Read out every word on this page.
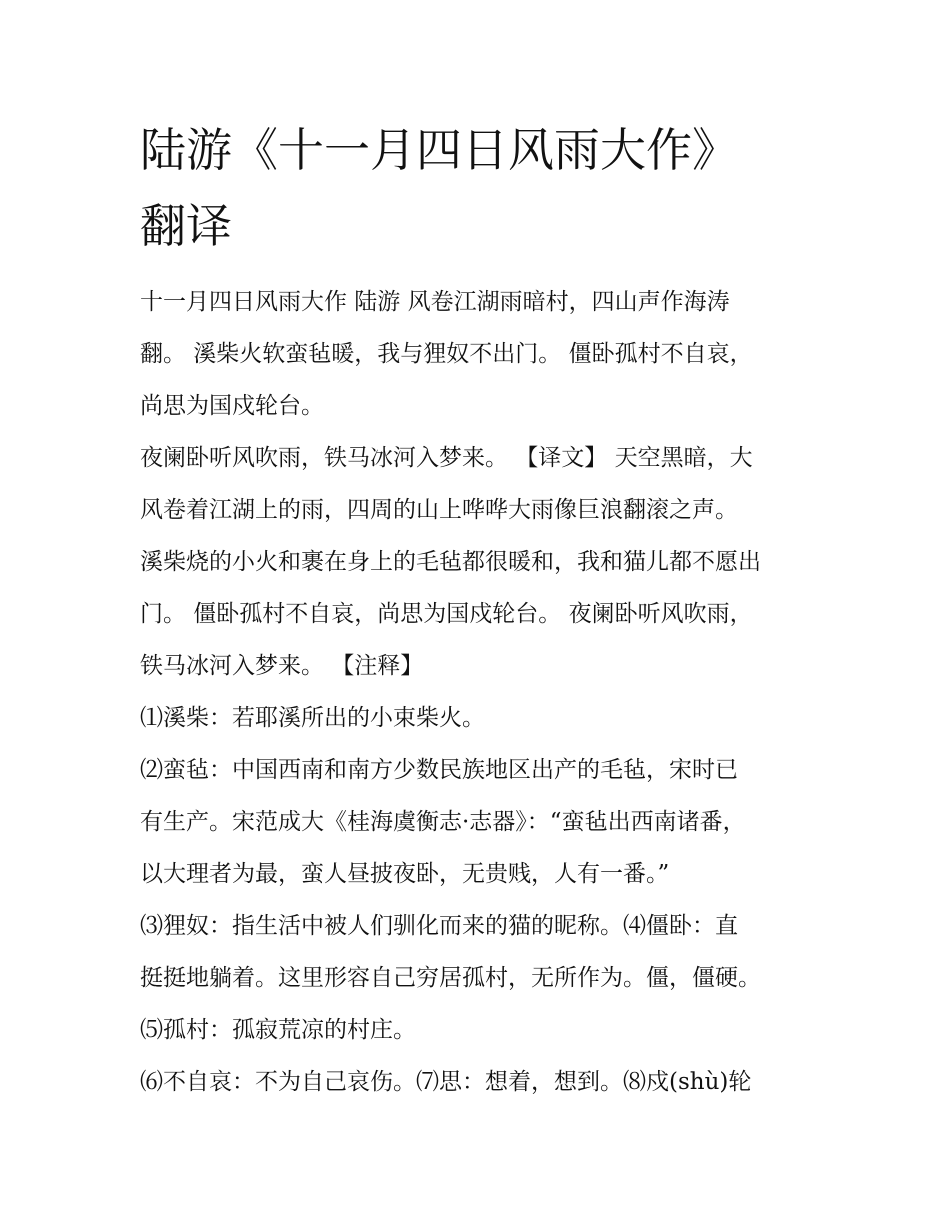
陆游《十一月四日风雨大作》
翻译
十一月四日风雨大作 陆游 风卷江湖雨暗村，四山声作海涛
翻。 溪柴火软蛮毡暖，我与狸奴不出门。 僵卧孤村不自哀，
尚思为国戍轮台。
夜阑卧听风吹雨，铁马冰河入梦来。 【译文】 天空黑暗，大
风卷着江湖上的雨，四周的山上哗哗大雨像巨浪翻滚之声。
溪柴烧的小火和裹在身上的毛毡都很暖和，我和猫儿都不愿出
门。 僵卧孤村不自哀，尚思为国戍轮台。 夜阑卧听风吹雨，
铁马冰河入梦来。 【注释】
⑴溪柴：若耶溪所出的小束柴火。
⑵蛮毡：中国西南和南方少数民族地区出产的毛毡，宋时已
有生产。宋范成大《桂海虞衡志·志器》：“蛮毡出西南诸番，
以大理者为最，蛮人昼披夜卧，无贵贱，人有一番。”
⑶狸奴：指生活中被人们驯化而来的猫的昵称。⑷僵卧：直
挺挺地躺着。这里形容自己穷居孤村，无所作为。僵，僵硬。
⑸孤村：孤寂荒凉的村庄。
⑹不自哀：不为自己哀伤。⑺思：想着，想到。⑻戍(shù)轮
